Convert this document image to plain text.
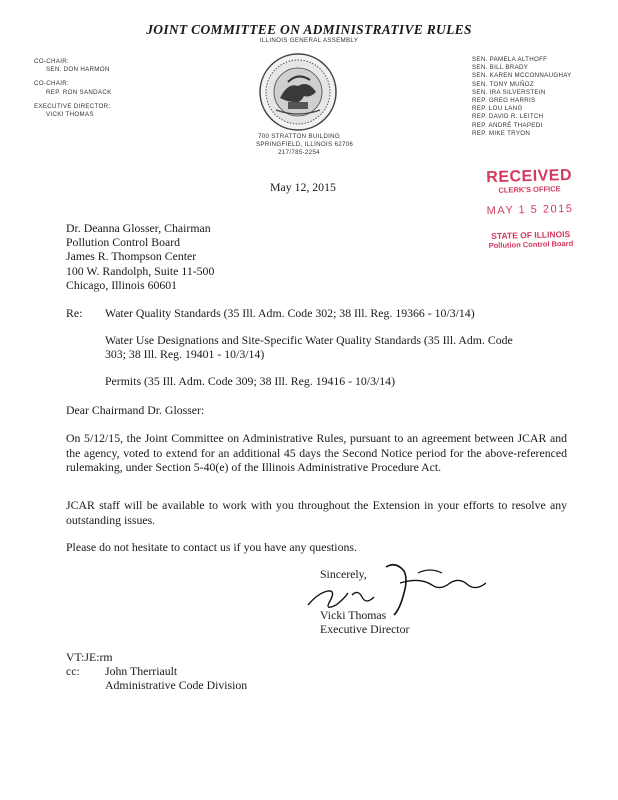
JOINT COMMITTEE ON ADMINISTRATIVE RULES
ILLINOIS GENERAL ASSEMBLY
CO-CHAIR:
SEN. DON HARMON
CO-CHAIR:
REP. RON SANDACK
EXECUTIVE DIRECTOR:
VICKI THOMAS
SEN. PAMELA ALTHOFF
SEN. BILL BRADY
SEN. KAREN MCCONNAUGHAY
SEN. TONY MUÑOZ
SEN. IRA SILVERSTEIN
REP. GREG HARRIS
REP. LOU LANG
REP. DAVID R. LEITCH
REP. ANDRÉ THAPEDI
REP. MIKE TRYON
700 STRATTON BUILDING
SPRINGFIELD, ILLINOIS 62706
217/785-2254
RECEIVED
CLERK'S OFFICE
MAY 1 5 2015
STATE OF ILLINOIS
Pollution Control Board
May 12, 2015
Dr. Deanna Glosser, Chairman
Pollution Control Board
James R. Thompson Center
100 W. Randolph, Suite 11-500
Chicago, Illinois 60601
Re: Water Quality Standards (35 Ill. Adm. Code 302; 38 Ill. Reg. 19366 - 10/3/14)
Water Use Designations and Site-Specific Water Quality Standards (35 Ill. Adm. Code
303; 38 Ill. Reg. 19401 - 10/3/14)
Permits (35 Ill. Adm. Code 309; 38 Ill. Reg. 19416 - 10/3/14)
Dear Chairmand Dr. Glosser:
On 5/12/15, the Joint Committee on Administrative Rules, pursuant to an agreement between JCAR and the agency, voted to extend for an additional 45 days the Second Notice period for the above-referenced rulemaking, under Section 5-40(e) of the Illinois Administrative Procedure Act.
JCAR staff will be available to work with you throughout the Extension in your efforts to resolve any outstanding issues.
Please do not hesitate to contact us if you have any questions.
Sincerely,
Vicki Thomas
Executive Director
VT:JE:rm
cc: John Therriault
Administrative Code Division
